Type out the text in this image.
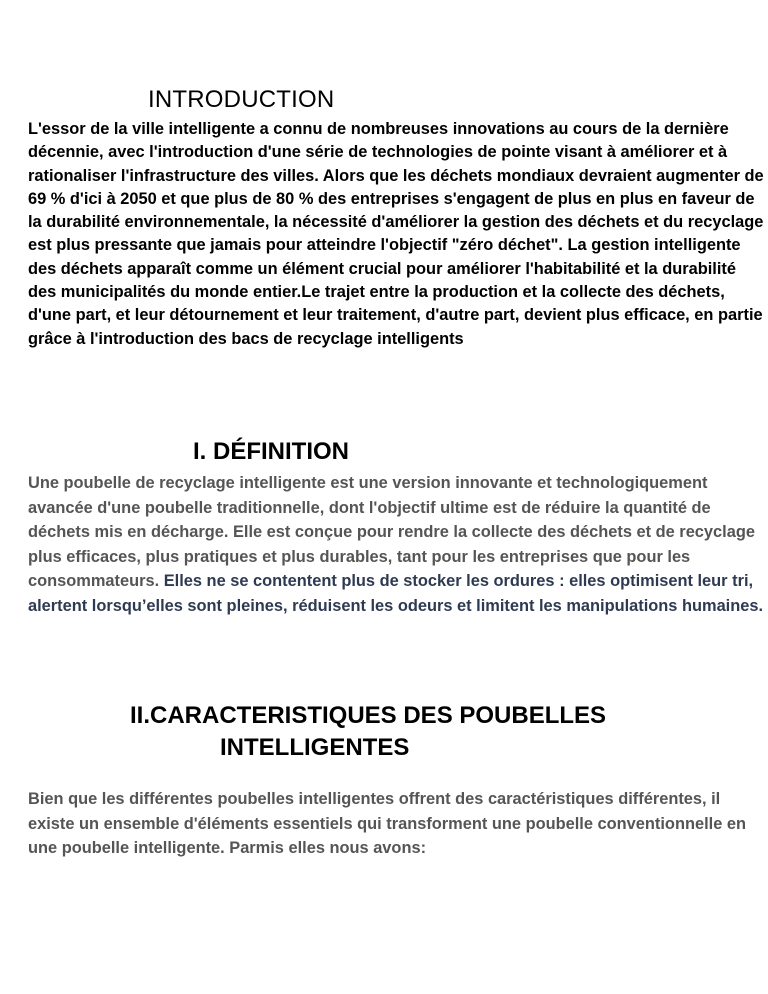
INTRODUCTION

L'essor de la ville intelligente a connu de nombreuses innovations au cours de la dernière décennie, avec l'introduction d'une série de technologies de pointe visant à améliorer et à rationaliser l'infrastructure des villes. Alors que les déchets mondiaux devraient augmenter de 69 % d'ici à 2050 et que plus de 80 % des entreprises s'engagent de plus en plus en faveur de la durabilité environnementale, la nécessité d'améliorer la gestion des déchets et du recyclage est plus pressante que jamais pour atteindre l'objectif "zéro déchet". La gestion intelligente des déchets apparaît comme un élément crucial pour améliorer l'habitabilité et la durabilité des municipalités du monde entier.Le trajet entre la production et la collecte des déchets, d'une part, et leur détournement et leur traitement, d'autre part, devient plus efficace, en partie grâce à l'introduction des bacs de recyclage intelligents

I. DÉFINITION

Une poubelle de recyclage intelligente est une version innovante et technologiquement avancée d'une poubelle traditionnelle, dont l'objectif ultime est de réduire la quantité de déchets mis en décharge. Elle est conçue pour rendre la collecte des déchets et de recyclage plus efficaces, plus pratiques et plus durables, tant pour les entreprises que pour les consommateurs. Elles ne se contentent plus de stocker les ordures : elles optimisent leur tri, alertent lorsqu’elles sont pleines, réduisent les odeurs et limitent les manipulations humaines.

II.CARACTERISTIQUES DES POUBELLES
INTELLIGENTES

Bien que les différentes poubelles intelligentes offrent des caractéristiques différentes, il existe un ensemble d'éléments essentiels qui transforment une poubelle conventionnelle en une poubelle intelligente. Parmis elles nous avons:
